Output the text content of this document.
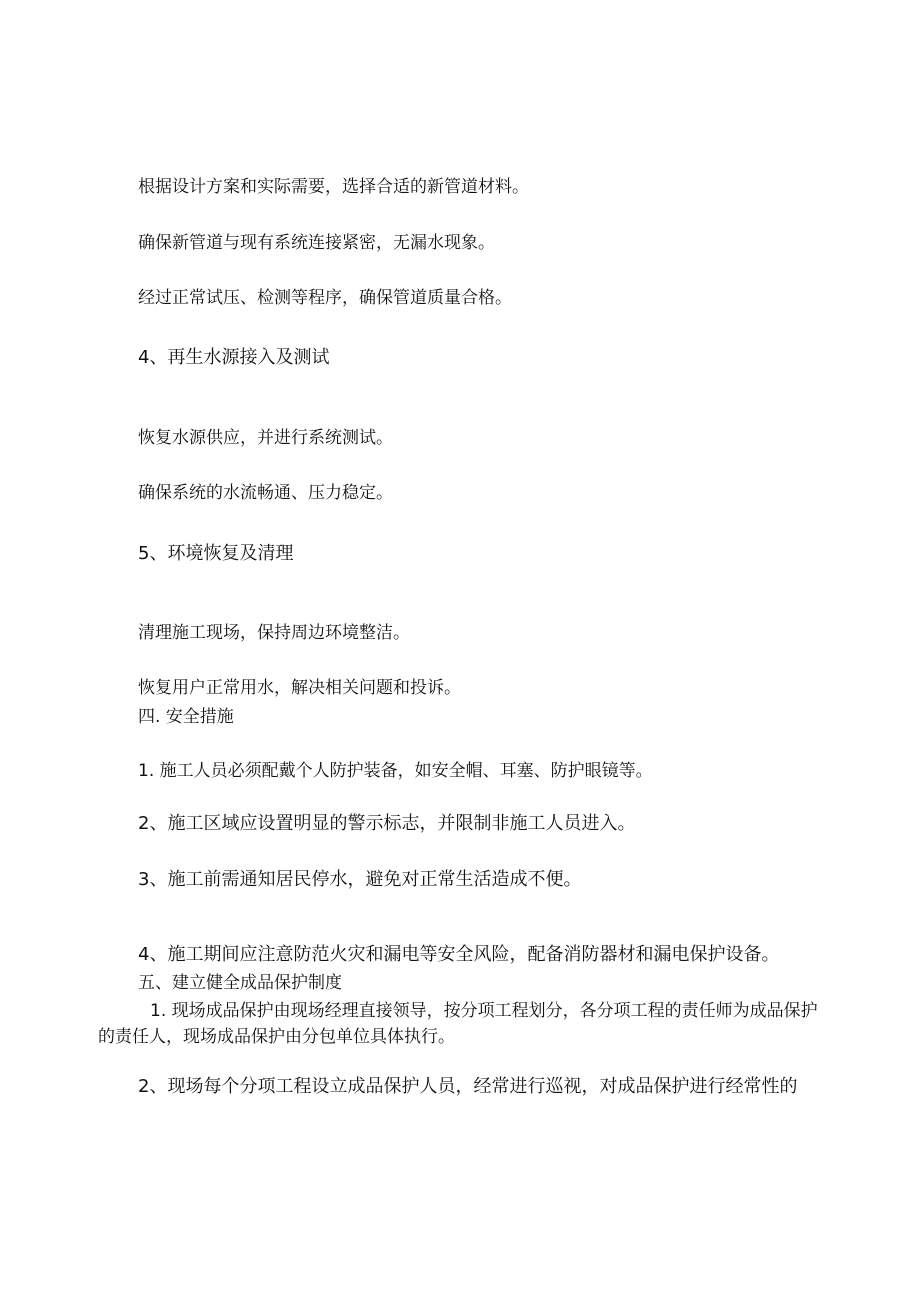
根据设计方案和实际需要，选择合适的新管道材料。
确保新管道与现有系统连接紧密，无漏水现象。
经过正常试压、检测等程序，确保管道质量合格。
4、再生水源接入及测试
恢复水源供应，并进行系统测试。
确保系统的水流畅通、压力稳定。
5、环境恢复及清理
清理施工现场，保持周边环境整洁。
恢复用户正常用水，解决相关问题和投诉。
四. 安全措施
1. 施工人员必须配戴个人防护装备，如安全帽、耳塞、防护眼镜等。
2、施工区域应设置明显的警示标志，并限制非施工人员进入。
3、施工前需通知居民停水，避免对正常生活造成不便。
4、施工期间应注意防范火灾和漏电等安全风险，配备消防器材和漏电保护设备。
五、建立健全成品保护制度
1. 现场成品保护由现场经理直接领导，按分项工程划分，各分项工程的责任师为成品保护的责任人，现场成品保护由分包单位具体执行。
2、现场每个分项工程设立成品保护人员，经常进行巡视，对成品保护进行经常性的
